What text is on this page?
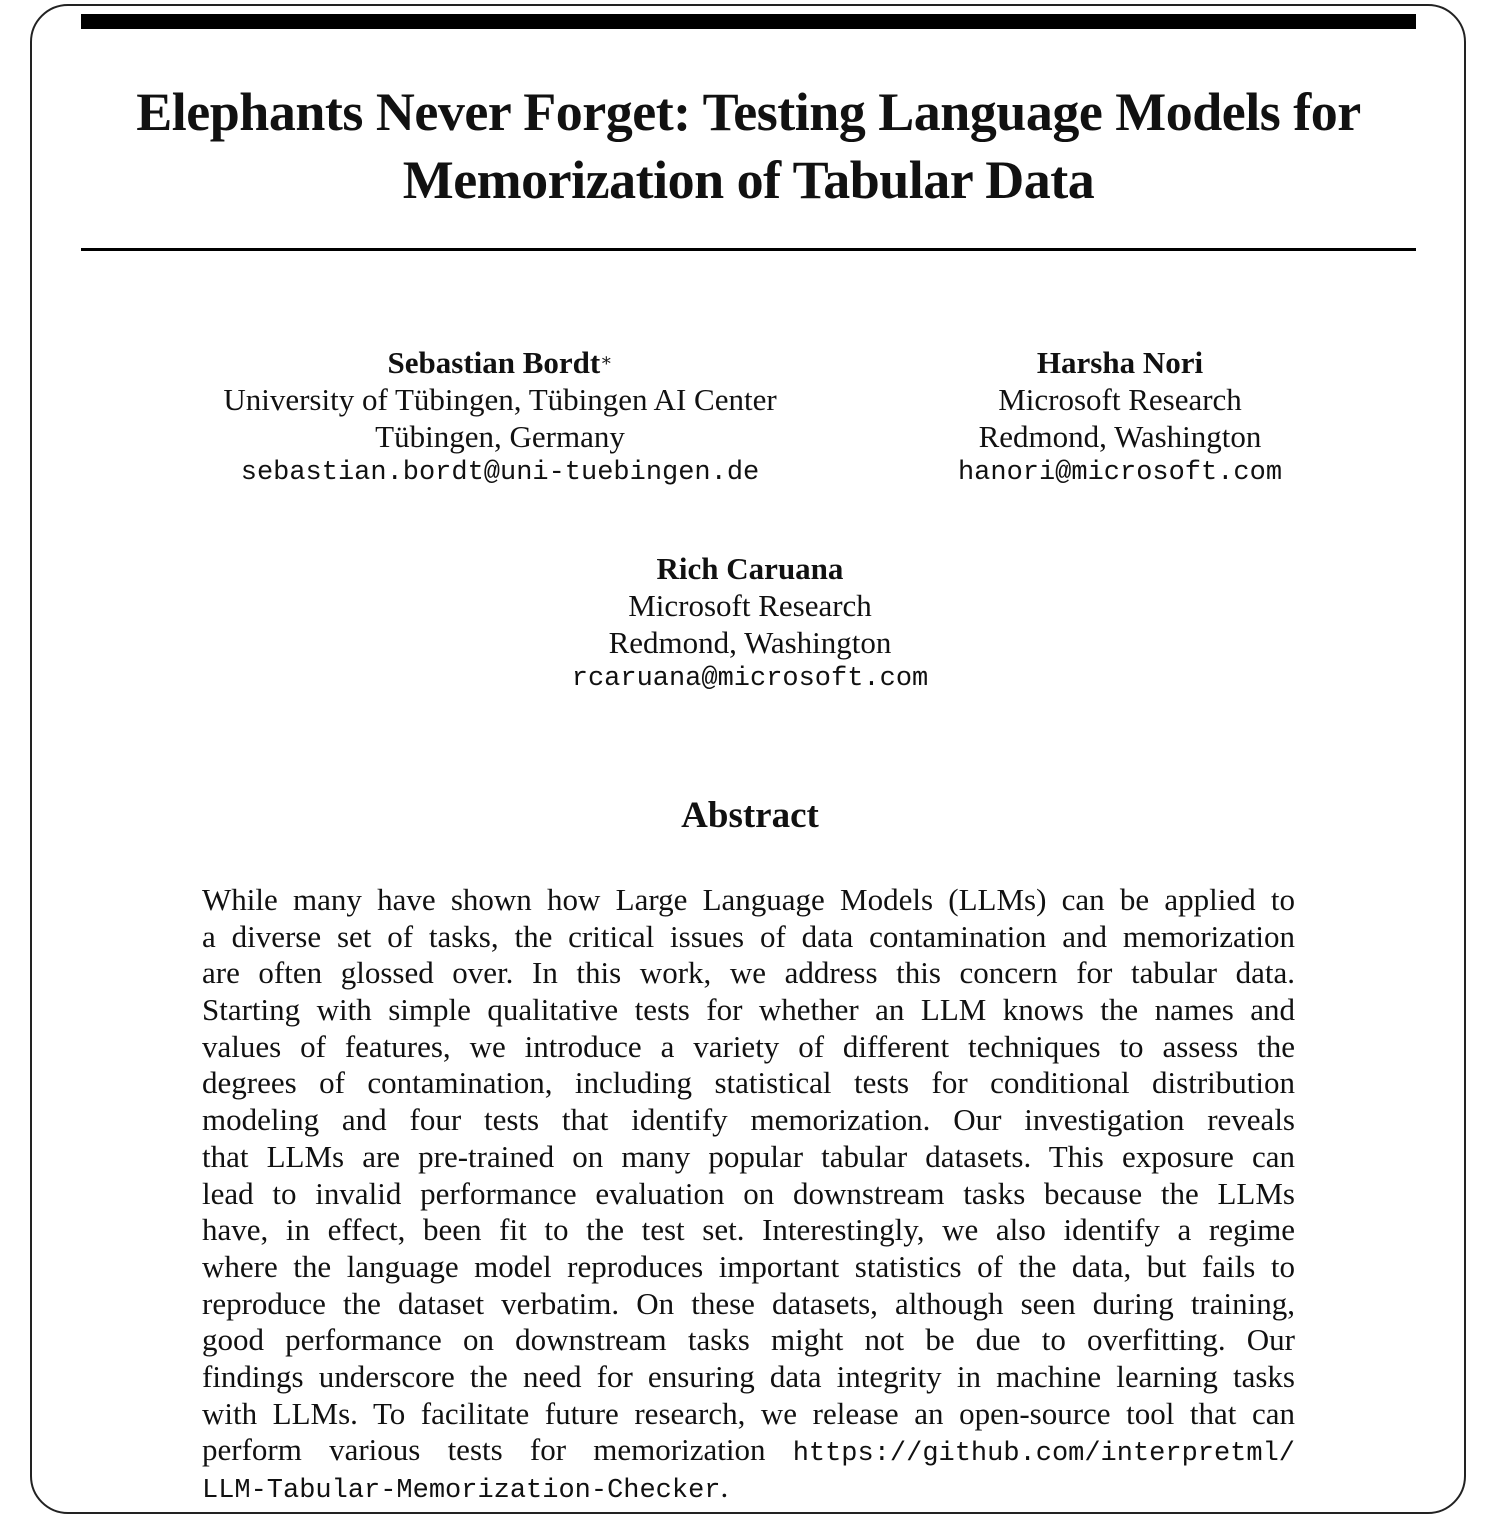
Elephants Never Forget: Testing Language Models for
Memorization of Tabular Data
Sebastian Bordt∗
University of Tübingen, Tübingen AI Center
Tübingen, Germany
sebastian.bordt@uni-tuebingen.de
Harsha Nori
Microsoft Research
Redmond, Washington
hanori@microsoft.com
Rich Caruana
Microsoft Research
Redmond, Washington
rcaruana@microsoft.com
Abstract
While many have shown how Large Language Models (LLMs) can be applied to
a diverse set of tasks, the critical issues of data contamination and memorization
are often glossed over. In this work, we address this concern for tabular data.
Starting with simple qualitative tests for whether an LLM knows the names and
values of features, we introduce a variety of different techniques to assess the
degrees of contamination, including statistical tests for conditional distribution
modeling and four tests that identify memorization. Our investigation reveals
that LLMs are pre-trained on many popular tabular datasets. This exposure can
lead to invalid performance evaluation on downstream tasks because the LLMs
have, in effect, been fit to the test set. Interestingly, we also identify a regime
where the language model reproduces important statistics of the data, but fails to
reproduce the dataset verbatim. On these datasets, although seen during training,
good performance on downstream tasks might not be due to overfitting. Our
findings underscore the need for ensuring data integrity in machine learning tasks
with LLMs. To facilitate future research, we release an open-source tool that can
perform various tests for memorization https://github.com/interpretml/
LLM-Tabular-Memorization-Checker.
